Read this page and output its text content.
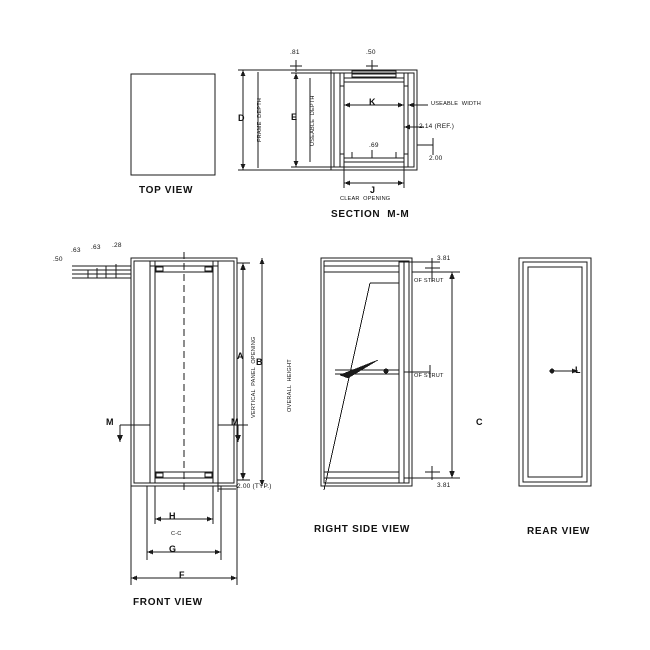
TOP VIEW
.81	.50
D FRAME  DEPTH	E USEABLE  DEPTH	K	USEABLE  WIDTH
2.14 (REF.)
2.00
.69
J
CLEAR  OPENING
SECTION  M-M
.50
.63 .63 .28
A VERTICAL  PANEL  OPENING B	OVERALL  HEIGHT
M	M
2.00 (TYP.)
H
C-C
G
F
FRONT VIEW
3.81
OF STRUT
OF STRUT
C
3.81
RIGHT SIDE VIEW
L
REAR VIEW
